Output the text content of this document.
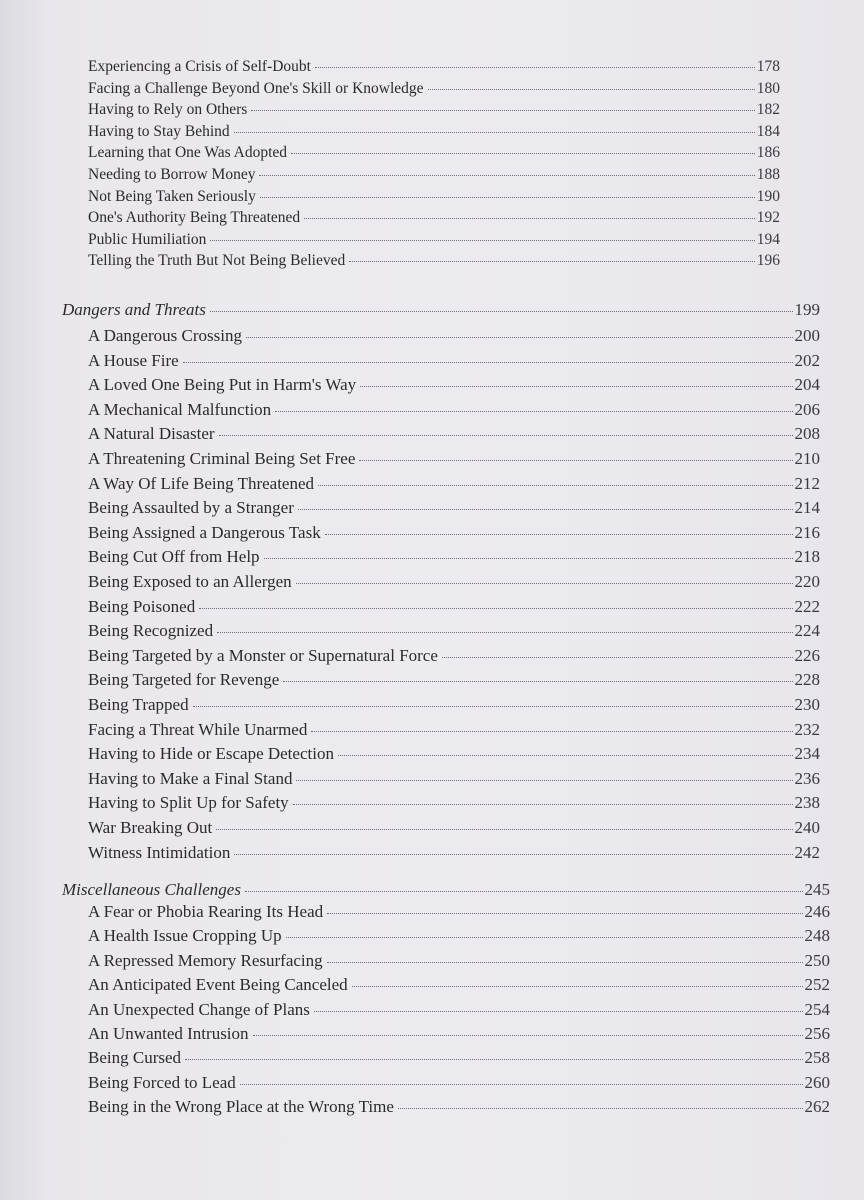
Experiencing a Crisis of Self-Doubt	178
Facing a Challenge Beyond One's Skill or Knowledge	180
Having to Rely on Others	182
Having to Stay Behind	184
Learning that One Was Adopted	186
Needing to Borrow Money	188
Not Being Taken Seriously	190
One's Authority Being Threatened	192
Public Humiliation	194
Telling the Truth But Not Being Believed	196
Dangers and Threats	199
A Dangerous Crossing	200
A House Fire	202
A Loved One Being Put in Harm's Way	204
A Mechanical Malfunction	206
A Natural Disaster	208
A Threatening Criminal Being Set Free	210
A Way Of Life Being Threatened	212
Being Assaulted by a Stranger	214
Being Assigned a Dangerous Task	216
Being Cut Off from Help	218
Being Exposed to an Allergen	220
Being Poisoned	222
Being Recognized	224
Being Targeted by a Monster or Supernatural Force	226
Being Targeted for Revenge	228
Being Trapped	230
Facing a Threat While Unarmed	232
Having to Hide or Escape Detection	234
Having to Make a Final Stand	236
Having to Split Up for Safety	238
War Breaking Out	240
Witness Intimidation	242
Miscellaneous Challenges	245
A Fear or Phobia Rearing Its Head	246
A Health Issue Cropping Up	248
A Repressed Memory Resurfacing	250
An Anticipated Event Being Canceled	252
An Unexpected Change of Plans	254
An Unwanted Intrusion	256
Being Cursed	258
Being Forced to Lead	260
Being in the Wrong Place at the Wrong Time	262
